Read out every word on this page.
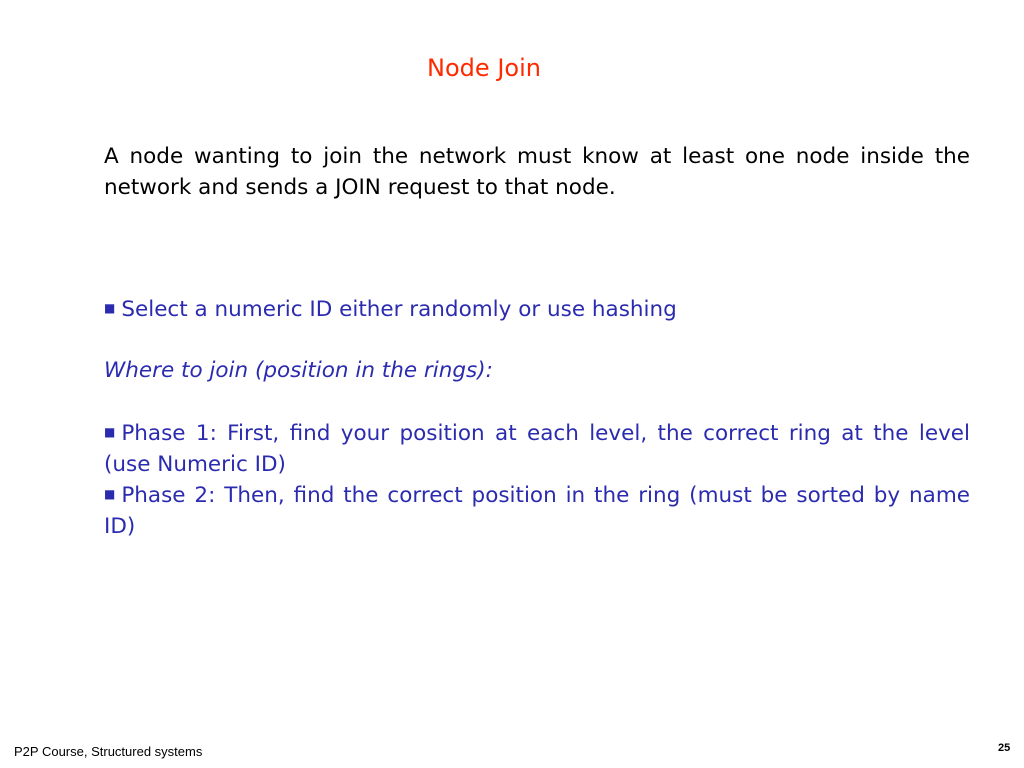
Node Join
A node wanting to join the network must know at least one node inside the network and sends a JOIN request to that node.
■ Select a numeric ID either randomly or use hashing
Where to join (position in the rings):
■ Phase 1: First, find your position at each level, the correct ring at the level (use Numeric ID)
■ Phase 2: Then, find the correct position in the ring (must be sorted by name ID)
P2P Course, Structured systems	25
